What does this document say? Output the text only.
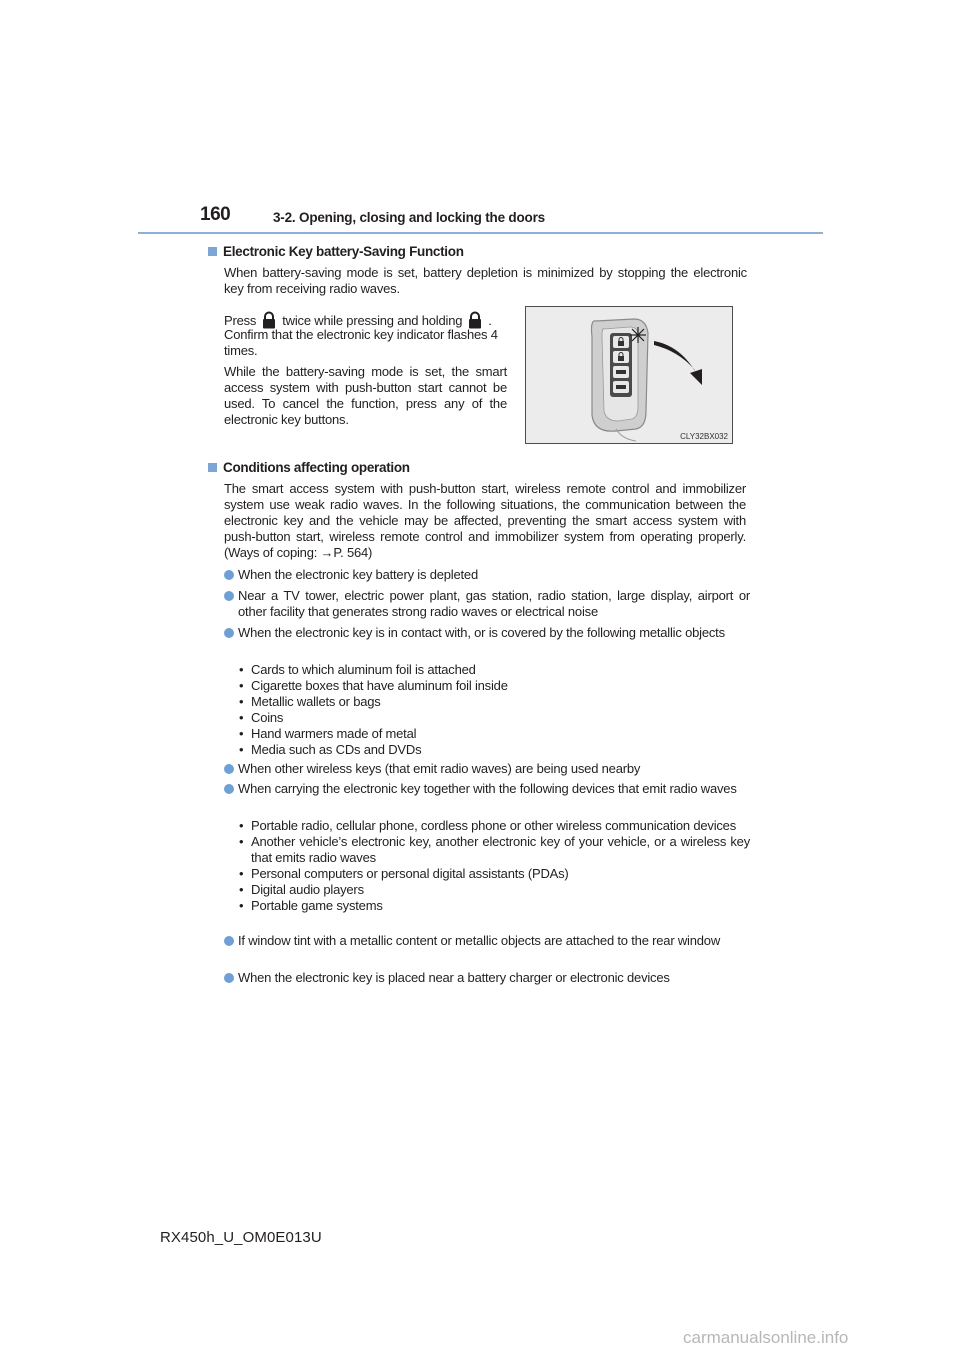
160	3-2. Opening, closing and locking the doors
Electronic Key battery-Saving Function

When battery-saving mode is set, battery depletion is minimized by stopping the electronic key from receiving radio waves.

Press twice while pressing and holding .

Confirm that the electronic key indicator flashes 4 times.

While the battery-saving mode is set, the smart access system with push-button start cannot be used. To cancel the function, press any of the electronic key buttons.

CLY32BX032
Conditions affecting operation

The smart access system with push-button start, wireless remote control and immobilizer system use weak radio waves. In the following situations, the communication between the electronic key and the vehicle may be affected, preventing the smart access system with push-button start, wireless remote control and immobilizer system from operating properly. (Ways of coping: →P. 564)

When the electronic key battery is depleted
Near a TV tower, electric power plant, gas station, radio station, large display, airport or other facility that generates strong radio waves or electrical noise
When the electronic key is in contact with, or is covered by the following metallic objects
• Cards to which aluminum foil is attached
• Cigarette boxes that have aluminum foil inside
• Metallic wallets or bags
• Coins
• Hand warmers made of metal
• Media such as CDs and DVDs
When other wireless keys (that emit radio waves) are being used nearby
When carrying the electronic key together with the following devices that emit radio waves
• Portable radio, cellular phone, cordless phone or other wireless communication devices
• Another vehicle’s electronic key, another electronic key of your vehicle, or a wireless key that emits radio waves
• Personal computers or personal digital assistants (PDAs)
• Digital audio players
• Portable game systems
If window tint with a metallic content or metallic objects are attached to the rear window
When the electronic key is placed near a battery charger or electronic devices
RX450h_U_OM0E013U
carmanualsonline.info
